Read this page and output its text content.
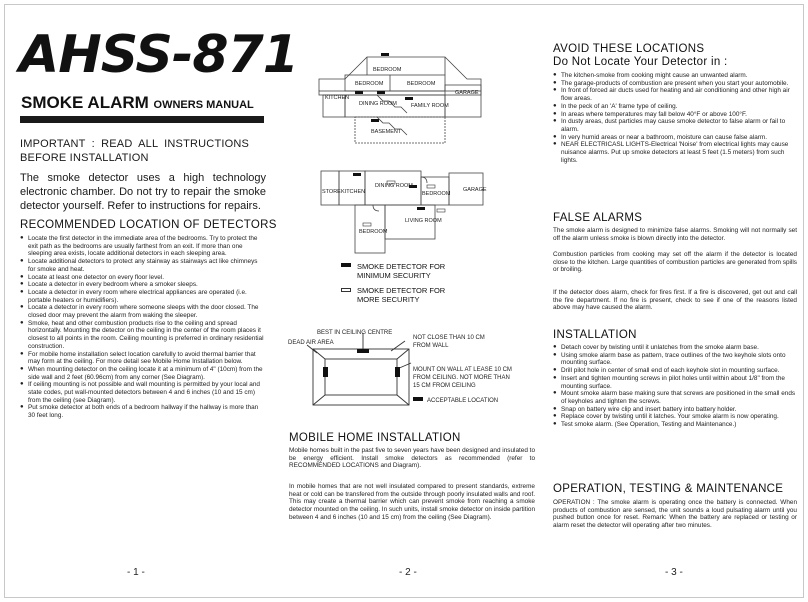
AHSS-871
SMOKE ALARM OWNERS MANUAL
IMPORTANT : READ ALL INSTRUCTIONS
BEFORE INSTALLATION
The smoke detector uses a high technology electronic chamber. Do not try to repair the smoke detector yourself. Refer to instructions for repairs.
RECOMMENDED LOCATION OF DETECTORS
● Locate the first detector in the immediate area of the bedrooms. Try to protect the exit path as the bedrooms are usually farthest from an exit. If more than one sleeping area exists, locate additional detectors in each sleeping area.
● Locate additional detectors to protect any stairway as stairways act like chimneys for smoke and heat.
● Locate at least one detector on every floor level.
● Locate a detector in every bedroom where a smoker sleeps.
● Locate a detector in every room where electrical appliances are operated (i.e. portable heaters or humidifiers).
● Locate a detector in every room where someone sleeps with the door closed. The closed door may prevent the alarm from waking the sleeper.
● Smoke, heat and other combustion products rise to the ceiling and spread horizontally. Mounting the detector on the ceiling in the center of the room places it closest to all points in the room. Ceiling mounting is preferred in ordinary residential construction.
● For mobile home installation select location carefully to avoid thermal barrier that may form at the ceiling. For more detail see Mobile Home Installation below.
● When mounting detector on the ceiling locate it at a minimum of 4" (10cm) from the side wall and 2 feet (60.96cm) from any corner (See Diagram).
● If ceiling mounting is not possible and wall mounting is permitted by your local and state codes, put wall-mounted detectors between 4 and 6 inches (10 and 15 cm) from the ceiling (see Diagram).
● Put smoke detector at both ends of a bedroom hallway if the hallway is more than 30 feet long.
- 1 -
BEDROOM
BEDROOM	BEDROOM
KITCHEN
DINING ROOM	FAMILY ROOM
GARAGE
BASEMENT
STORE KITCHEN
DINING ROOM
BEDROOM
GARAGE
LIVING ROOM
BEDROOM
SMOKE DETECTOR FOR
MINIMUM SECURITY
SMOKE DETECTOR FOR
MORE SECURITY
BEST IN CEILING CENTRE
DEAD AIR AREA
NOT CLOSE THAN 10 CM
FROM WALL
MOUNT ON WALL AT LEASE 10 CM
FROM CEILING. NOT MORE THAN
15 CM FROM CEILING
ACCEPTABLE LOCATION
MOBILE HOME INSTALLATION
Mobile homes built in the past five to seven years have been designed and insulated to be energy efficient. Install smoke detectors as recommended (refer to RECOMMENDED LOCATIONS and Diagram).
In mobile homes that are not well insulated compared to present standards, extreme heat or cold can be transfered from the outside through poorly insulated walls and roof. This may create a thermal barrier which can prevent smoke from reaching a smoke detector mounted on the ceiling. In such units, install smoke detector on inside partition between 4 and 6 inches (10 and 15 cm) from the ceiling (See Diagram).
- 2 -
AVOID THESE LOCATIONS
Do Not Locate Your Detector in :
● The kitchen-smoke from cooking might cause an unwanted alarm.
● The garage-products of combustion are present when you start your automobile.
● In front of forced air ducts used for heating and air conditioning and other high air flow areas.
● In the peck of an 'A' frame type of ceiling.
● In areas where temperatures may fall below 40°F or above 100°F.
● In dusty areas, dust particles may cause smoke detector to false alarm or fail to alarm.
● In very humid areas or near a bathroom, moisture can cause false alarm.
● NEAR ELECTRICASL LIGHTS-Electrical 'Noise' from electrical lights may cause nuisance alarms. Put up smoke detectors at least 5 feet (1.5 meters) from such lights.
FALSE ALARMS
The smoke alarm is designed to minimize false alarms. Smoking will not normally set off the alarm unless smoke is blown directly into the detector.
Combustion particles from cooking may set off the alarm if the detector is located close to the kitchen. Large quantities of combustion particles are generated from spills or broiling.
If the detector does alarm, check for fires first. If a fire is discovered, get out and call the fire department. If no fire is present, check to see if one of the reasons listed above may have caused the alarm.
INSTALLATION
● Detach cover by twisting until it unlatches from the smoke alarm base.
● Using smoke alarm base as pattern, trace outlines of the two keyhole slots onto mounting surface.
● Drill pilot hole in center of small end of each keyhole slot in mounting surface.
● Insert and tighten mounting screws in pilot holes until within about 1/8" from the mounting surface.
● Mount smoke alarm base making sure that screws are positioned in the small ends of keyholes and tighten the screws.
● Snap on battery wire clip and insert battery into battery holder.
● Replace cover by twisting until it latches. Your smoke alarm is now operating.
● Test smoke alarm. (See Operation, Testing and Maintenance.)
OPERATION, TESTING & MAINTENANCE
OPERATION : The smoke alarm is operating once the battery is connected. When products of combustion are sensed, the unit sounds a loud pulsating alarm until you pushed button once for reset. Remark: When the battery are replaced or testing or alarm reset the detector will operating after two minutes.
- 3 -
